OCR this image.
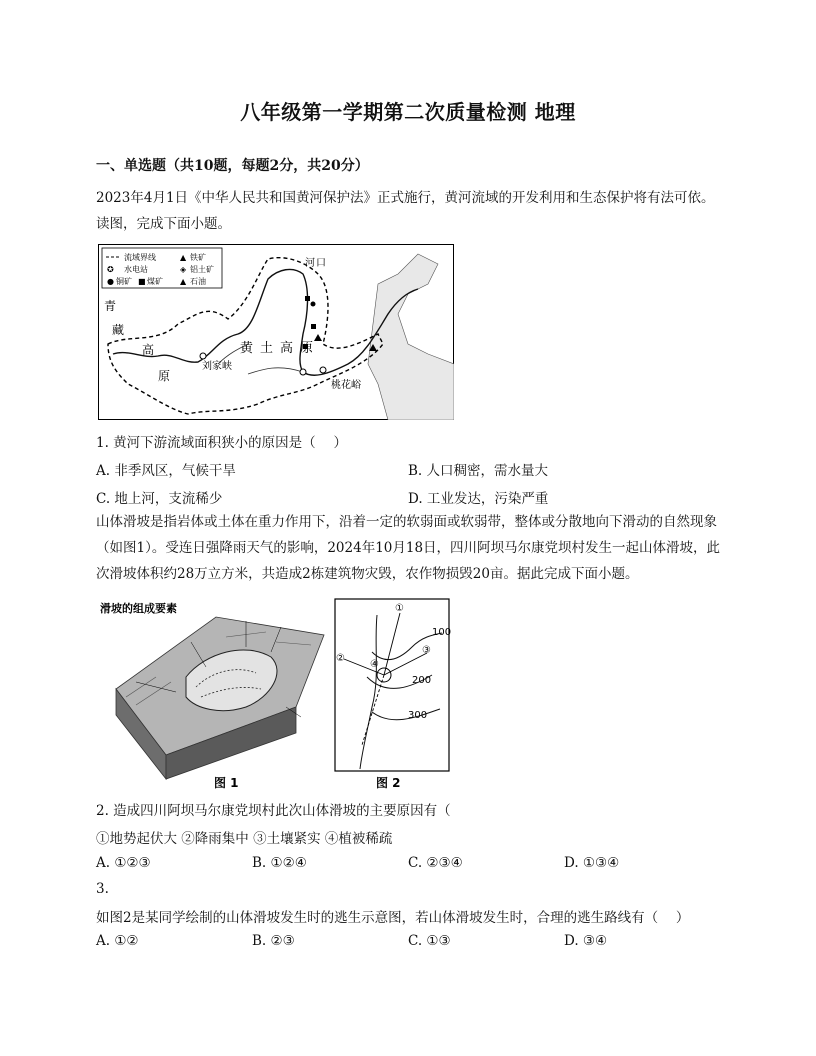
八年级第一学期第二次质量检测 地理
一、单选题（共10题，每题2分，共20分）
2023年4月1日《中华人民共和国黄河保护法》正式施行，黄河流域的开发利用和生态保护将有法可依。读图，完成下面小题。
流域界线	▲ 铁矿
✪ 水电站	◈ 铝土矿
● 铜矿 ■ 煤矿 ▲ 石油
青
藏
高
原
黄 土 高 原
河 口
刘家峡
桃花峪
1. 黄河下游流域面积狭小的原因是（　 ）
A. 非季风区，气候干旱	B. 人口稠密，需水量大
C. 地上河，支流稀少	D. 工业发达，污染严重
山体滑坡是指岩体或土体在重力作用下，沿着一定的软弱面或软弱带，整体或分散地向下滑动的自然现象（如图1）。受连日强降雨天气的影响，2024年10月18日，四川阿坝马尔康党坝村发生一起山体滑坡，此次滑坡体积约28万立方米，共造成2栋建筑物灾毁，农作物损毁20亩。据此完成下面小题。
滑坡的组成要素
图 1
100
200
300
①
②
③
④
图 2
2. 造成四川阿坝马尔康党坝村此次山体滑坡的主要原因有（
①地势起伏大 ②降雨集中 ③土壤紧实 ④植被稀疏
A. ①②③	B. ①②④	C. ②③④	D. ①③④
3.
如图2是某同学绘制的山体滑坡发生时的逃生示意图，若山体滑坡发生时，合理的逃生路线有（　 ）
A. ①②	B. ②③	C. ①③	D. ③④
